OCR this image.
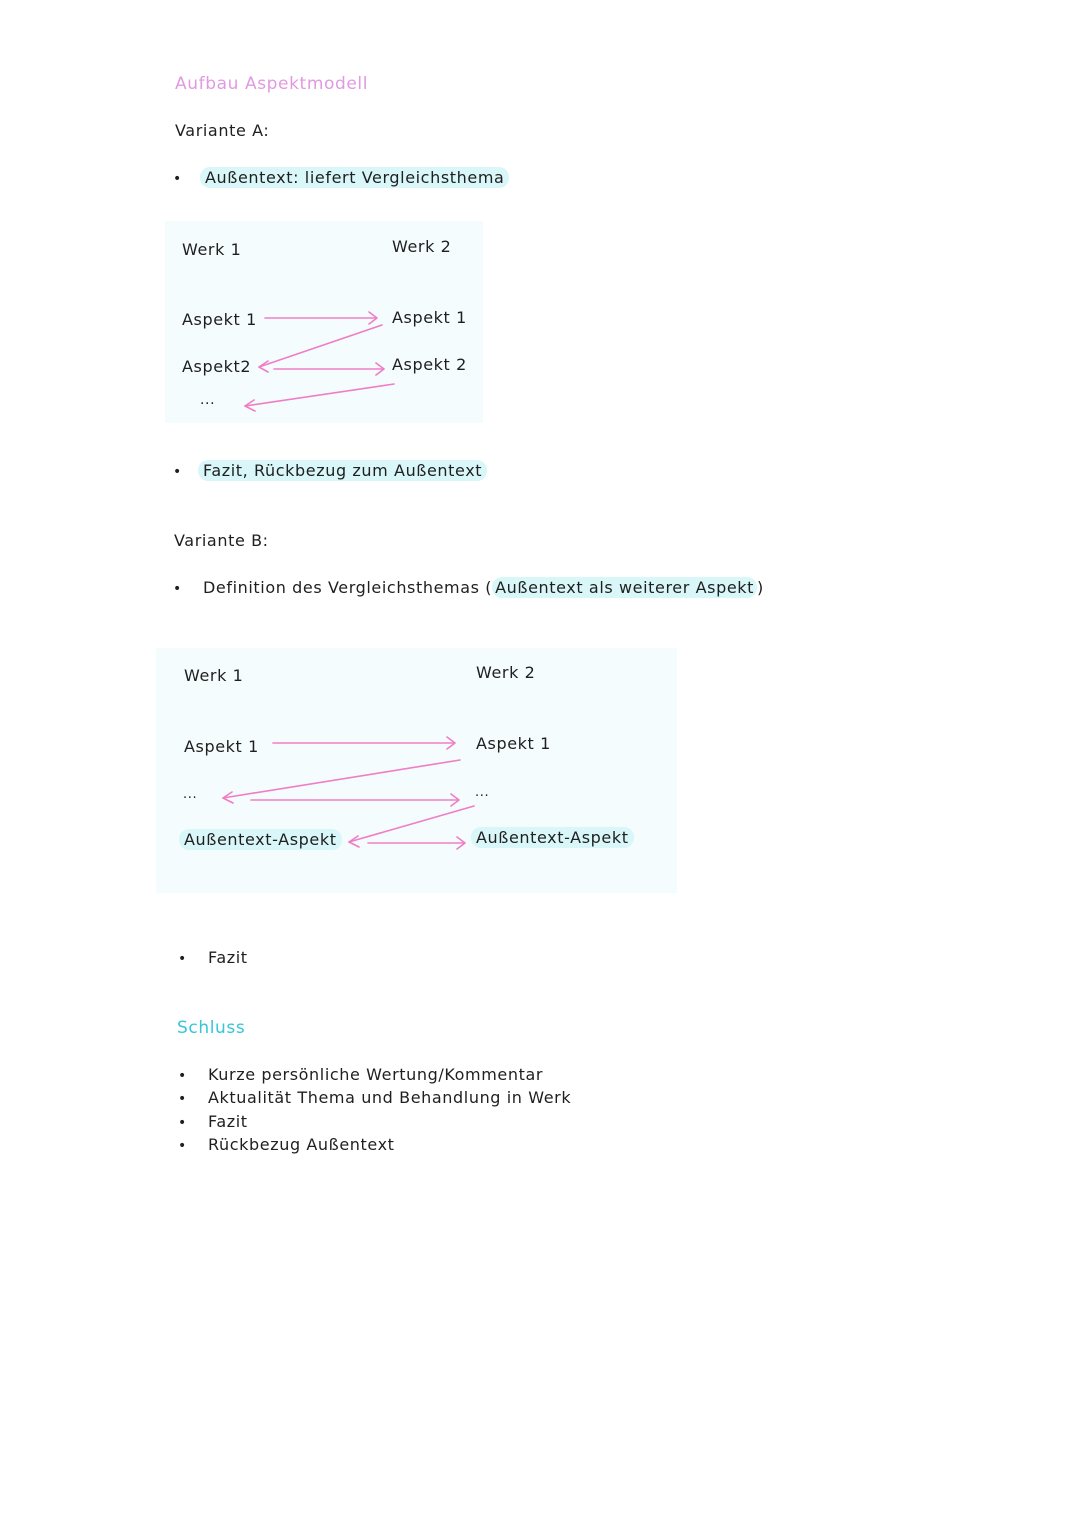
Aufbau Aspektmodell
Variante A:
• Außentext: liefert Vergleichsthema
Werk 1	Werk 2
Aspekt 1
Aspekt2
...
Aspekt 1
Aspekt 2
• Fazit, Rückbezug zum Außentext
Variante B:
• Definition des Vergleichsthemas ( Außentext als weiterer Aspekt )
Werk 1	Werk 2
Aspekt 1
...
Außentext-Aspekt
Aspekt 1
...
Außentext-Aspekt
• Fazit
Schluss
• Kurze persönliche Wertung/Kommentar
• Aktualität Thema und Behandlung in Werk
• Fazit
• Rückbezug Außentext
